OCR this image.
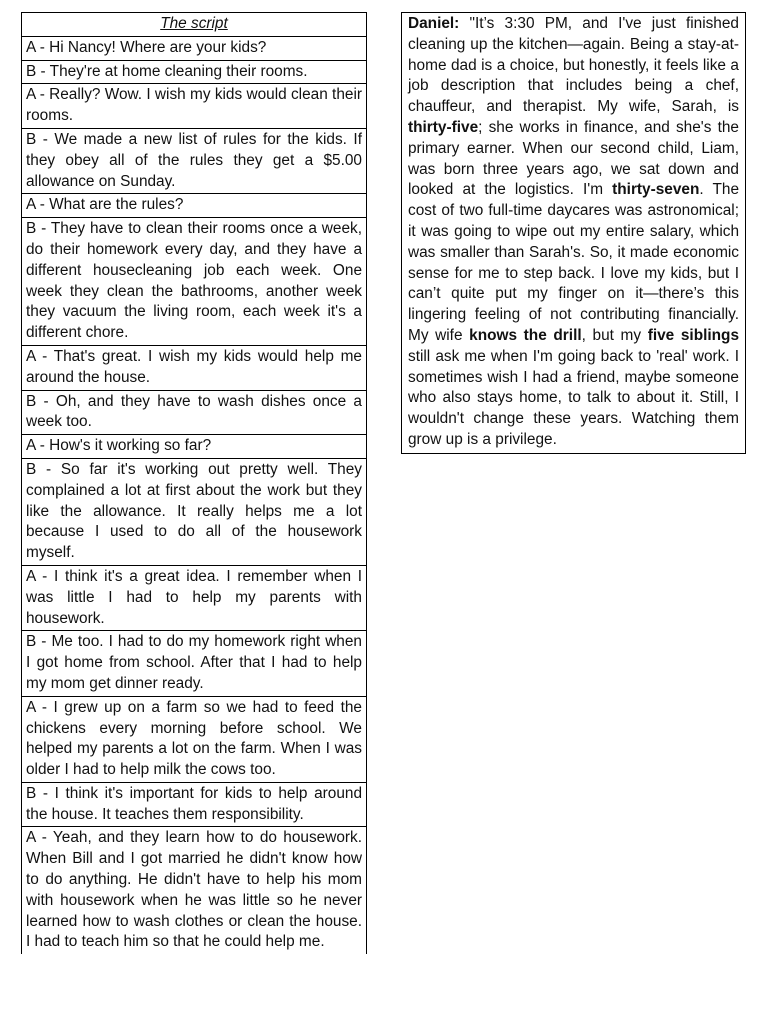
The script
A - Hi Nancy! Where are your kids?
B - They're at home cleaning their rooms.
A - Really? Wow. I wish my kids would clean their rooms.
B - We made a new list of rules for the kids. If they obey all of the rules they get a $5.00 allowance on Sunday.
A - What are the rules?
B - They have to clean their rooms once a week, do their homework every day, and they have a different housecleaning job each week. One week they clean the bathrooms, another week they vacuum the living room, each week it's a different chore.
A - That's great. I wish my kids would help me around the house.
B - Oh, and they have to wash dishes once a week too.
A - How's it working so far?
B - So far it's working out pretty well. They complained a lot at first about the work but they like the allowance. It really helps me a lot because I used to do all of the housework myself.
A - I think it's a great idea. I remember when I was little I had to help my parents with housework.
B - Me too. I had to do my homework right when I got home from school. After that I had to help my mom get dinner ready.
A - I grew up on a farm so we had to feed the chickens every morning before school. We helped my parents a lot on the farm. When I was older I had to help milk the cows too.
B - I think it's important for kids to help around the house. It teaches them responsibility.
A - Yeah, and they learn how to do housework. When Bill and I got married he didn't know how to do anything. He didn't have to help his mom with housework when he was little so he never learned how to wash clothes or clean the house. I had to teach him so that he could help me.
Daniel: "It’s 3:30 PM, and I've just finished cleaning up the kitchen—again. Being a stay-at-home dad is a choice, but honestly, it feels like a job description that includes being a chef, chauffeur, and therapist. My wife, Sarah, is thirty-five; she works in finance, and she's the primary earner. When our second child, Liam, was born three years ago, we sat down and looked at the logistics. I'm thirty-seven. The cost of two full-time daycares was astronomical; it was going to wipe out my entire salary, which was smaller than Sarah's. So, it made economic sense for me to step back. I love my kids, but I can’t quite put my finger on it—there’s this lingering feeling of not contributing financially. My wife knows the drill, but my five siblings still ask me when I'm going back to 'real' work. I sometimes wish I had a friend, maybe someone who also stays home, to talk to about it. Still, I wouldn't change these years. Watching them grow up is a privilege.
